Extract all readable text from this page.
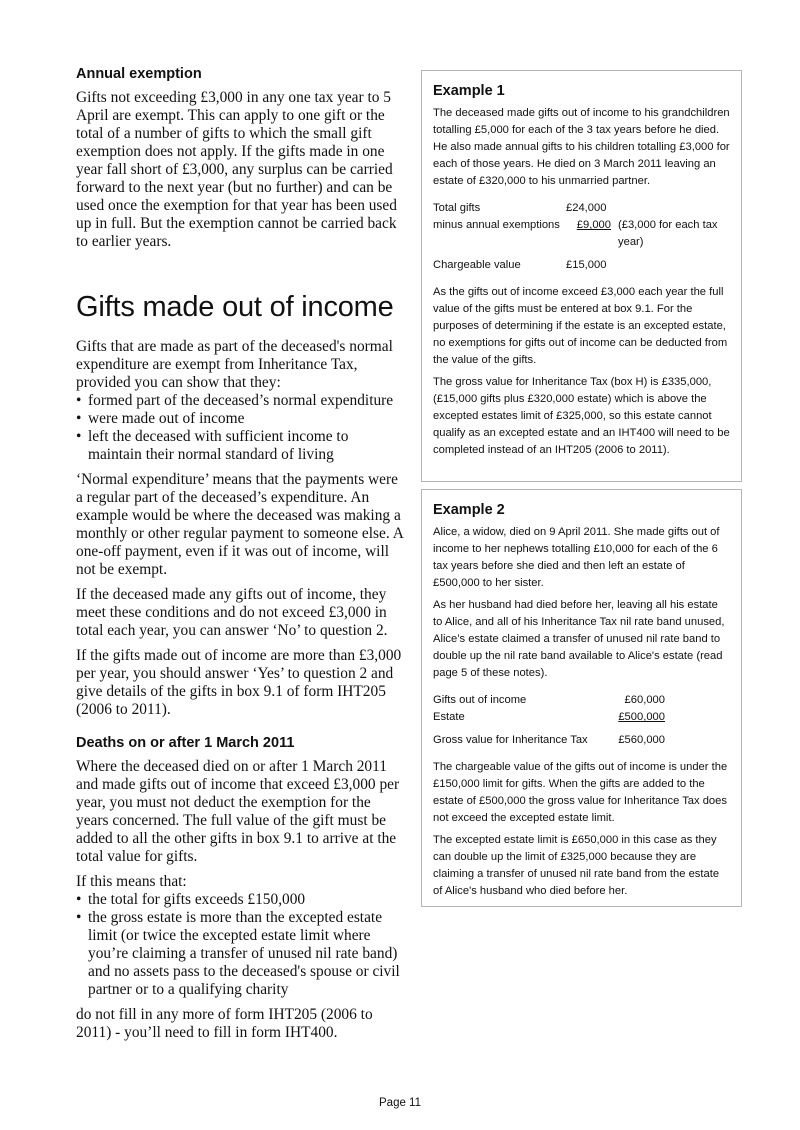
Annual exemption

Gifts not exceeding £3,000 in any one tax year to 5 April are exempt. This can apply to one gift or the total of a number of gifts to which the small gift exemption does not apply. If the gifts made in one year fall short of £3,000, any surplus can be carried forward to the next year (but no further) and can be used once the exemption for that year has been used up in full. But the exemption cannot be carried back to earlier years.

Gifts made out of income

Gifts that are made as part of the deceased's normal expenditure are exempt from Inheritance Tax, provided you can show that they:

• formed part of the deceased’s normal expenditure
• were made out of income
• left the deceased with sufficient income to maintain their normal standard of living

‘Normal expenditure’ means that the payments were a regular part of the deceased’s expenditure. An example would be where the deceased was making a monthly or other regular payment to someone else. A one-off payment, even if it was out of income, will not be exempt.

If the deceased made any gifts out of income, they meet these conditions and do not exceed £3,000 in total each year, you can answer ‘No’ to question 2.

If the gifts made out of income are more than £3,000 per year, you should answer ‘Yes’ to question 2 and give details of the gifts in box 9.1 of form IHT205 (2006 to 2011).

Deaths on or after 1 March 2011

Where the deceased died on or after 1 March 2011 and made gifts out of income that exceed £3,000 per year, you must not deduct the exemption for the years concerned. The full value of the gift must be added to all the other gifts in box 9.1 to arrive at the total value for gifts.

If this means that:

• the total for gifts exceeds £150,000
• the gross estate is more than the excepted estate limit (or twice the excepted estate limit where you’re claiming a transfer of unused nil rate band) and no assets pass to the deceased's spouse or civil partner or to a qualifying charity

do not fill in any more of form IHT205 (2006 to 2011) - you’ll need to fill in form IHT400.

Example 1

The deceased made gifts out of income to his grandchildren totalling £5,000 for each of the 3 tax years before he died. He also made annual gifts to his children totalling £3,000 for each of those years. He died on 3 March 2011 leaving an estate of £320,000 to his unmarried partner.

Total gifts	£24,000
minus annual exemptions	£9,000 (£3,000 for each tax year)
Chargeable value	£15,000

As the gifts out of income exceed £3,000 each year the full value of the gifts must be entered at box 9.1. For the purposes of determining if the estate is an excepted estate, no exemptions for gifts out of income can be deducted from the value of the gifts.

The gross value for Inheritance Tax (box H) is £335,000, (£15,000 gifts plus £320,000 estate) which is above the excepted estates limit of £325,000, so this estate cannot qualify as an excepted estate and an IHT400 will need to be completed instead of an IHT205 (2006 to 2011).

Example 2

Alice, a widow, died on 9 April 2011. She made gifts out of income to her nephews totalling £10,000 for each of the 6 tax years before she died and then left an estate of £500,000 to her sister.

As her husband had died before her, leaving all his estate to Alice, and all of his Inheritance Tax nil rate band unused, Alice’s estate claimed a transfer of unused nil rate band to double up the nil rate band available to Alice's estate (read page 5 of these notes).

Gifts out of income	£60,000
Estate	£500,000
Gross value for Inheritance Tax	£560,000

The chargeable value of the gifts out of income is under the £150,000 limit for gifts. When the gifts are added to the estate of £500,000 the gross value for Inheritance Tax does not exceed the excepted estate limit.

The excepted estate limit is £650,000 in this case as they can double up the limit of £325,000 because they are claiming a transfer of unused nil rate band from the estate of Alice's husband who died before her.

Page 11
